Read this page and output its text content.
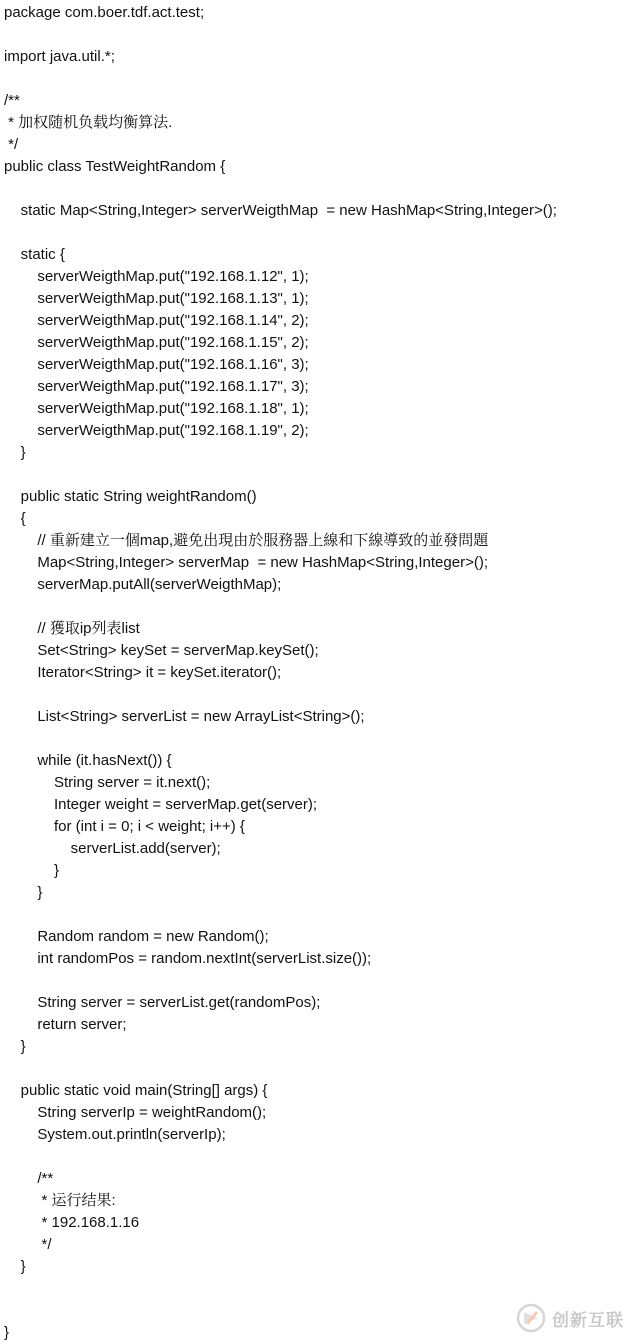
package com.boer.tdf.act.test;
import java.util.*;
/**
* 加权随机负载均衡算法.
*/
public class TestWeightRandom {
static Map<String,Integer> serverWeigthMap  = new HashMap<String,Integer>();
static {
serverWeigthMap.put("192.168.1.12", 1);
serverWeigthMap.put("192.168.1.13", 1);
serverWeigthMap.put("192.168.1.14", 2);
serverWeigthMap.put("192.168.1.15", 2);
serverWeigthMap.put("192.168.1.16", 3);
serverWeigthMap.put("192.168.1.17", 3);
serverWeigthMap.put("192.168.1.18", 1);
serverWeigthMap.put("192.168.1.19", 2);
}
public static String weightRandom()
{
// 重新建立一個map,避免出現由於服務器上線和下線導致的並發問題
Map<String,Integer> serverMap  = new HashMap<String,Integer>();
serverMap.putAll(serverWeigthMap);
// 獲取ip列表list
Set<String> keySet = serverMap.keySet();
Iterator<String> it = keySet.iterator();
List<String> serverList = new ArrayList<String>();
while (it.hasNext()) {
String server = it.next();
Integer weight = serverMap.get(server);
for (int i = 0; i < weight; i++) {
serverList.add(server);
}
}
Random random = new Random();
int randomPos = random.nextInt(serverList.size());
String server = serverList.get(randomPos);
return server;
}
public static void main(String[] args) {
String serverIp = weightRandom();
System.out.println(serverIp);
/**
* 运行结果:
* 192.168.1.16
*/
}
}
创新互联
